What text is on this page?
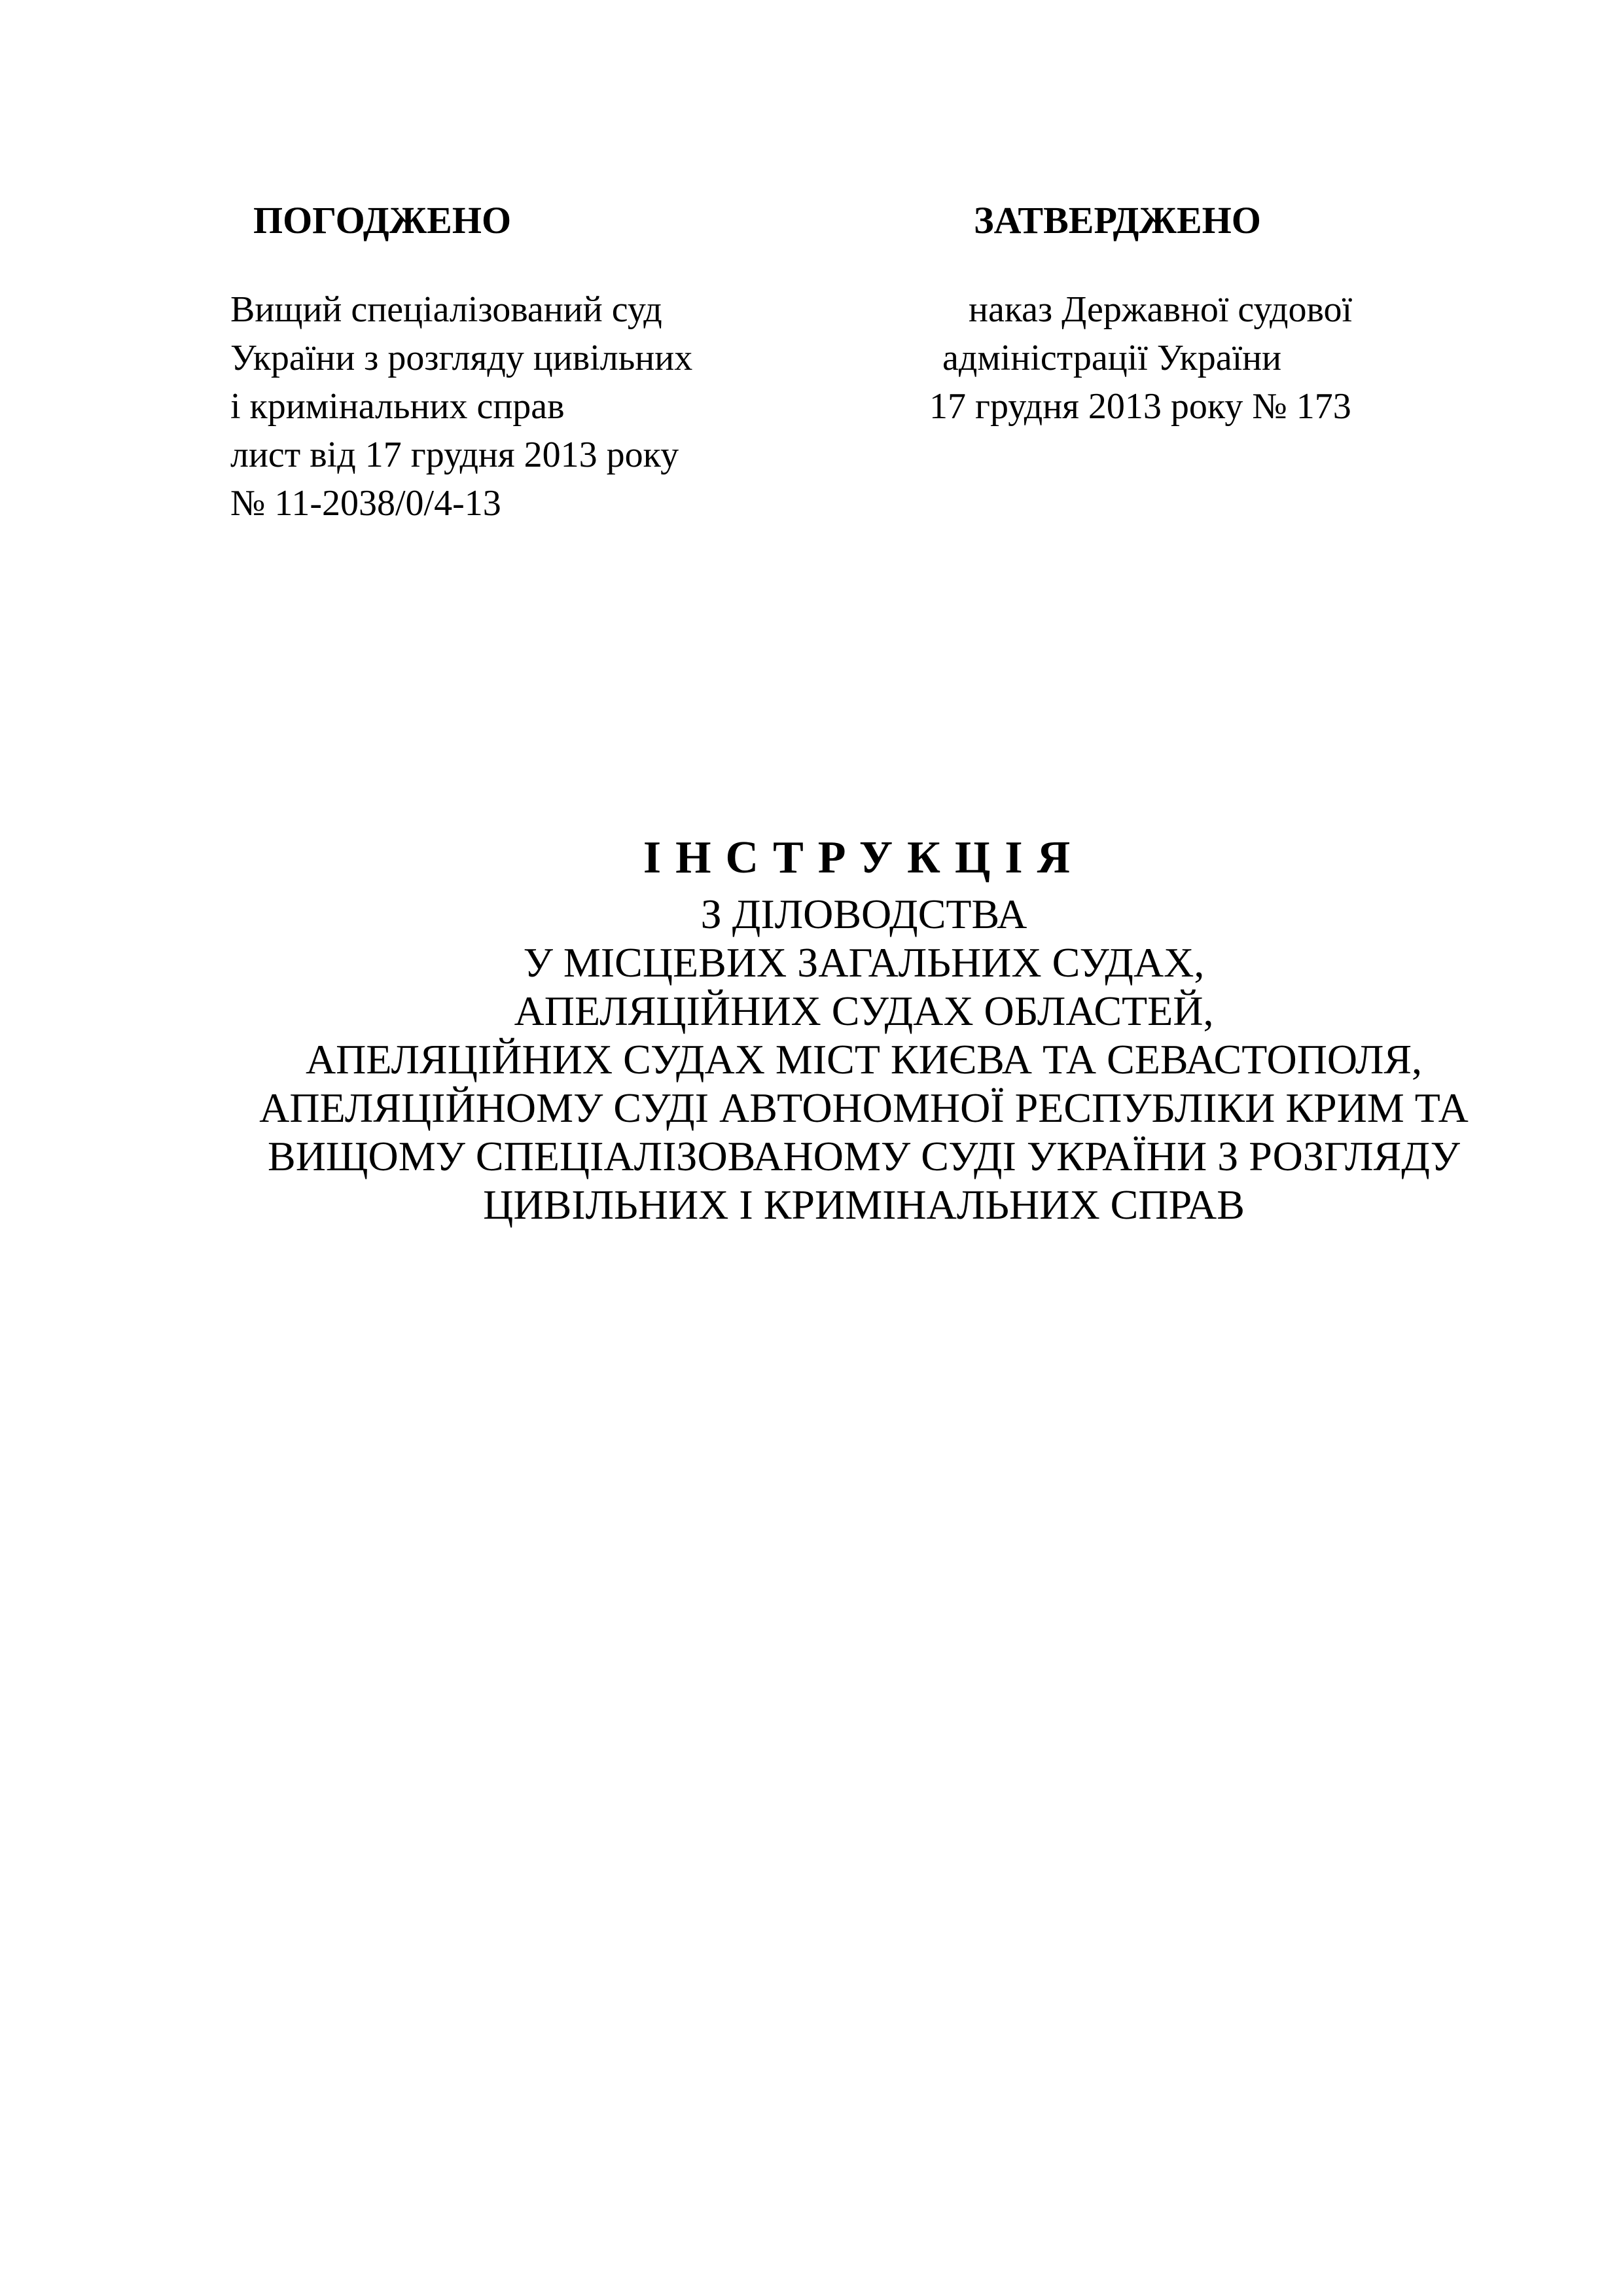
ПОГОДЖЕНО	ЗАТВЕРДЖЕНО
Вищий спеціалізований суд
України з розгляду цивільних
і кримінальних справ
лист від 17 грудня 2013 року
№ 11-2038/0/4-13
наказ Державної судової
адміністрації України
17 грудня 2013 року № 173
ІНСТРУКЦІЯ
З ДІЛОВОДСТВА
У МІСЦЕВИХ ЗАГАЛЬНИХ СУДАХ,
АПЕЛЯЦІЙНИХ СУДАХ ОБЛАСТЕЙ,
АПЕЛЯЦІЙНИХ СУДАХ МІСТ КИЄВА ТА СЕВАСТОПОЛЯ,
АПЕЛЯЦІЙНОМУ СУДІ АВТОНОМНОЇ РЕСПУБЛІКИ КРИМ ТА
ВИЩОМУ СПЕЦІАЛІЗОВАНОМУ СУДІ УКРАЇНИ З РОЗГЛЯДУ
ЦИВІЛЬНИХ І КРИМІНАЛЬНИХ СПРАВ
